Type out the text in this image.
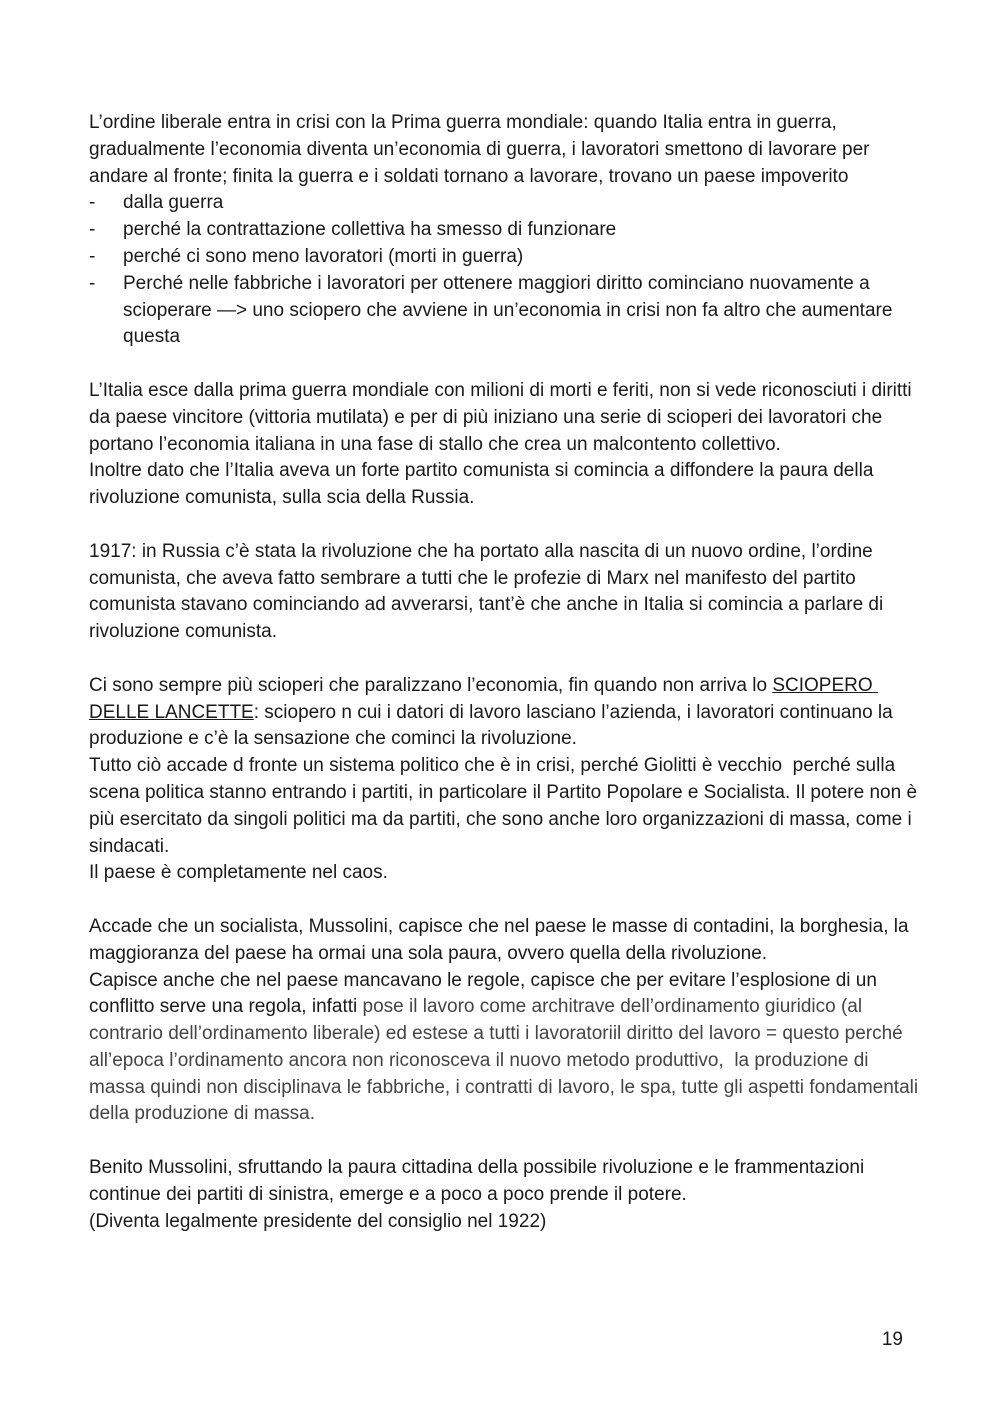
L’ordine liberale entra in crisi con la Prima guerra mondiale: quando Italia entra in guerra, gradualmente l’economia diventa un’economia di guerra, i lavoratori smettono di lavorare per andare al fronte; finita la guerra e i soldati tornano a lavorare, trovano un paese impoverito

- dalla guerra
- perché la contrattazione collettiva ha smesso di funzionare
- perché ci sono meno lavoratori (morti in guerra)
- Perché nelle fabbriche i lavoratori per ottenere maggiori diritto cominciano nuovamente a scioperare —> uno sciopero che avviene in un’economia in crisi non fa altro che aumentare questa

L’Italia esce dalla prima guerra mondiale con milioni di morti e feriti, non si vede riconosciuti i diritti da paese vincitore (vittoria mutilata) e per di più iniziano una serie di scioperi dei lavoratori che portano l’economia italiana in una fase di stallo che crea un malcontento collettivo.

Inoltre dato che l’Italia aveva un forte partito comunista si comincia a diffondere la paura della rivoluzione comunista, sulla scia della Russia.

1917: in Russia c’è stata la rivoluzione che ha portato alla nascita di un nuovo ordine, l’ordine comunista, che aveva fatto sembrare a tutti che le profezie di Marx nel manifesto del partito comunista stavano cominciando ad avverarsi, tant’è che anche in Italia si comincia a parlare di rivoluzione comunista.

Ci sono sempre più scioperi che paralizzano l’economia, fin quando non arriva lo SCIOPERO DELLE LANCETTE: sciopero n cui i datori di lavoro lasciano l’azienda, i lavoratori continuano la produzione e c’è la sensazione che cominci la rivoluzione.

Tutto ciò accade d fronte un sistema politico che è in crisi, perché Giolitti è vecchio  perché sulla scena politica stanno entrando i partiti, in particolare il Partito Popolare e Socialista. Il potere non è più esercitato da singoli politici ma da partiti, che sono anche loro organizzazioni di massa, come i sindacati.

Il paese è completamente nel caos.

Accade che un socialista, Mussolini, capisce che nel paese le masse di contadini, la borghesia, la maggioranza del paese ha ormai una sola paura, ovvero quella della rivoluzione.

Capisce anche che nel paese mancavano le regole, capisce che per evitare l’esplosione di un conflitto serve una regola, infatti pose il lavoro come architrave dell’ordinamento giuridico (al contrario dell’ordinamento liberale) ed estese a tutti i lavoratoriil diritto del lavoro = questo perché all’epoca l’ordinamento ancora non riconosceva il nuovo metodo produttivo,  la produzione di massa quindi non disciplinava le fabbriche, i contratti di lavoro, le spa, tutte gli aspetti fondamentali della produzione di massa.

Benito Mussolini, sfruttando la paura cittadina della possibile rivoluzione e le frammentazioni continue dei partiti di sinistra, emerge e a poco a poco prende il potere.

(Diventa legalmente presidente del consiglio nel 1922)

19
